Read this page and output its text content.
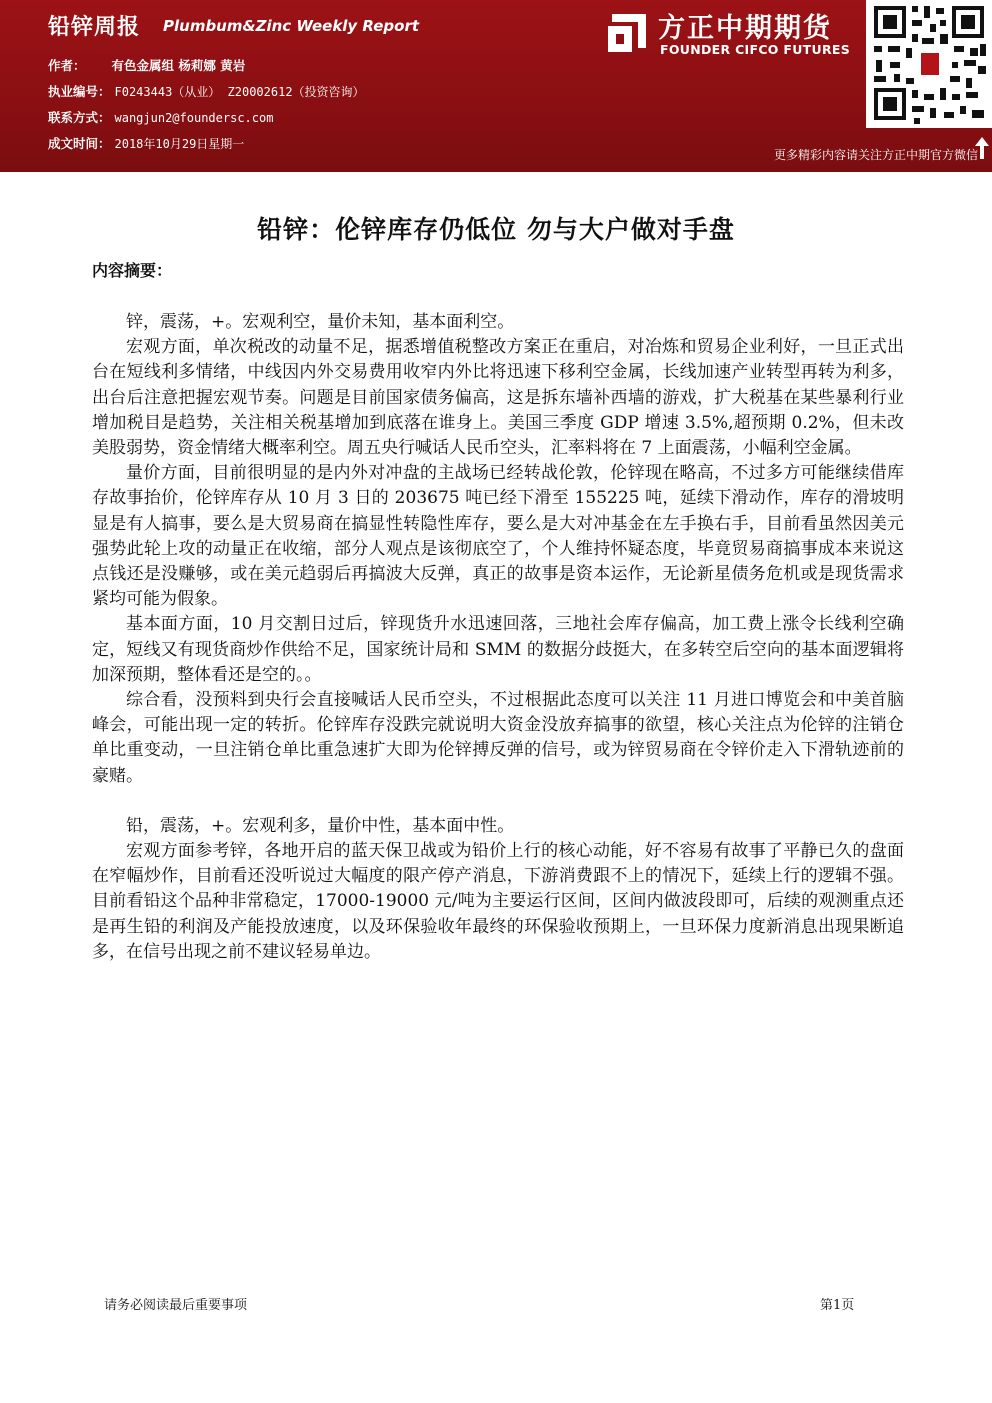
铅锌周报 Plumbum&Zinc Weekly Report
作者： 有色金属组 杨莉娜 黄岩
执业编号： F0243443（从业） Z20002612（投资咨询）
联系方式： wangjun2@foundersc.com
成文时间： 2018年10月29日星期一
方正中期期货
FOUNDER CIFCO FUTURES
更多精彩内容请关注方正中期官方微信
铅锌：伦锌库存仍低位 勿与大户做对手盘
内容摘要：

锌，震荡，+。宏观利空，量价未知，基本面利空。

宏观方面，单次税改的动量不足，据悉增值税整改方案正在重启，对冶炼和贸易企业利好，一旦正式出台在短线利多情绪，中线因内外交易费用收窄内外比将迅速下移利空金属，长线加速产业转型再转为利多，出台后注意把握宏观节奏。问题是目前国家债务偏高，这是拆东墙补西墙的游戏，扩大税基在某些暴利行业增加税目是趋势，关注相关税基增加到底落在谁身上。美国三季度 GDP 增速 3.5%,超预期 0.2%，但未改美股弱势，资金情绪大概率利空。周五央行喊话人民币空头，汇率料将在 7 上面震荡，小幅利空金属。

量价方面，目前很明显的是内外对冲盘的主战场已经转战伦敦，伦锌现在略高，不过多方可能继续借库存故事抬价，伦锌库存从 10 月 3 日的 203675 吨已经下滑至 155225 吨，延续下滑动作，库存的滑坡明显是有人搞事，要么是大贸易商在搞显性转隐性库存，要么是大对冲基金在左手换右手，目前看虽然因美元强势此轮上攻的动量正在收缩，部分人观点是该彻底空了，个人维持怀疑态度，毕竟贸易商搞事成本来说这点钱还是没赚够，或在美元趋弱后再搞波大反弹，真正的故事是资本运作，无论新星债务危机或是现货需求紧均可能为假象。

基本面方面，10 月交割日过后，锌现货升水迅速回落，三地社会库存偏高，加工费上涨令长线利空确定，短线又有现货商炒作供给不足，国家统计局和 SMM 的数据分歧挺大，在多转空后空向的基本面逻辑将加深预期，整体看还是空的。。

综合看，没预料到央行会直接喊话人民币空头，不过根据此态度可以关注 11 月进口博览会和中美首脑峰会，可能出现一定的转折。伦锌库存没跌完就说明大资金没放弃搞事的欲望，核心关注点为伦锌的注销仓单比重变动，一旦注销仓单比重急速扩大即为伦锌搏反弹的信号，或为锌贸易商在令锌价走入下滑轨迹前的豪赌。

铅，震荡，+。宏观利多，量价中性，基本面中性。

宏观方面参考锌，各地开启的蓝天保卫战或为铅价上行的核心动能，好不容易有故事了平静已久的盘面在窄幅炒作，目前看还没听说过大幅度的限产停产消息，下游消费跟不上的情况下，延续上行的逻辑不强。目前看铅这个品种非常稳定，17000-19000 元/吨为主要运行区间，区间内做波段即可，后续的观测重点还是再生铅的利润及产能投放速度，以及环保验收年最终的环保验收预期上，一旦环保力度新消息出现果断追多，在信号出现之前不建议轻易单边。

请务必阅读最后重要事项	第1页
